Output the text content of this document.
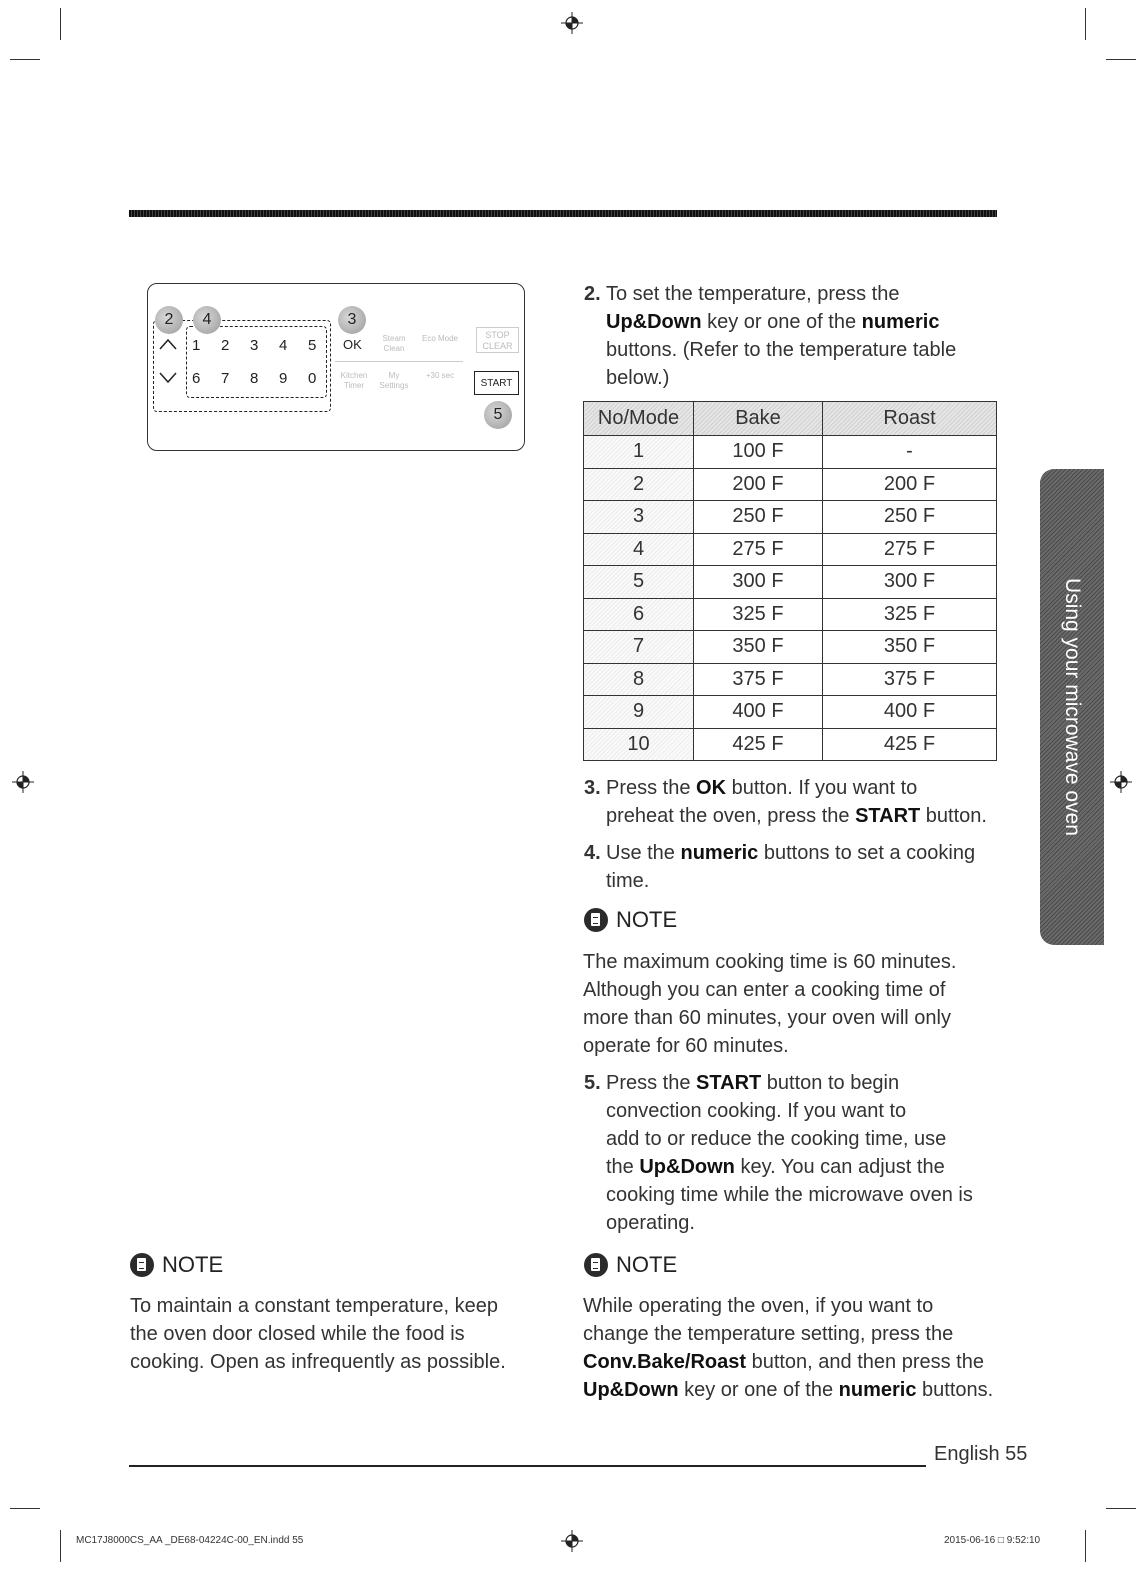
2	4	3
5
1 2 3 4 5
6 7 8 9 0
OK	Steam Clean
Eco Mode
Kitchen Timer
My Settings
+30 sec
STOP CLEAR
START
2. To set the temperature, press the
Up&Down key or one of the numeric
buttons. (Refer to the temperature table
below.)
No/Mode	Bake	Roast
1	100 F	-
2	200 F	200 F
3	250 F	250 F
4	275 F	275 F
5	300 F	300 F
6	325 F	325 F
7	350 F	350 F
8	375 F	375 F
9	400 F	400 F
10	425 F	425 F
3. Press the OK button. If you want to
preheat the oven, press the START button.
4. Use the numeric buttons to set a cooking
time.
NOTE
The maximum cooking time is 60 minutes.
Although you can enter a cooking time of
more than 60 minutes, your oven will only
operate for 60 minutes.
5. Press the START button to begin
convection cooking. If you want to
add to or reduce the cooking time, use
the Up&Down key. You can adjust the
cooking time while the microwave oven is
operating.
NOTE
While operating the oven, if you want to
change the temperature setting, press the
Conv.Bake/Roast button, and then press the
Up&Down key or one of the numeric buttons.
NOTE
To maintain a constant temperature, keep
the oven door closed while the food is
cooking. Open as infrequently as possible.
Using your microwave oven
English 55
MC17J8000CS_AA _DE68-04224C-00_EN.indd 55	2015-06-16 □ 9:52:10
